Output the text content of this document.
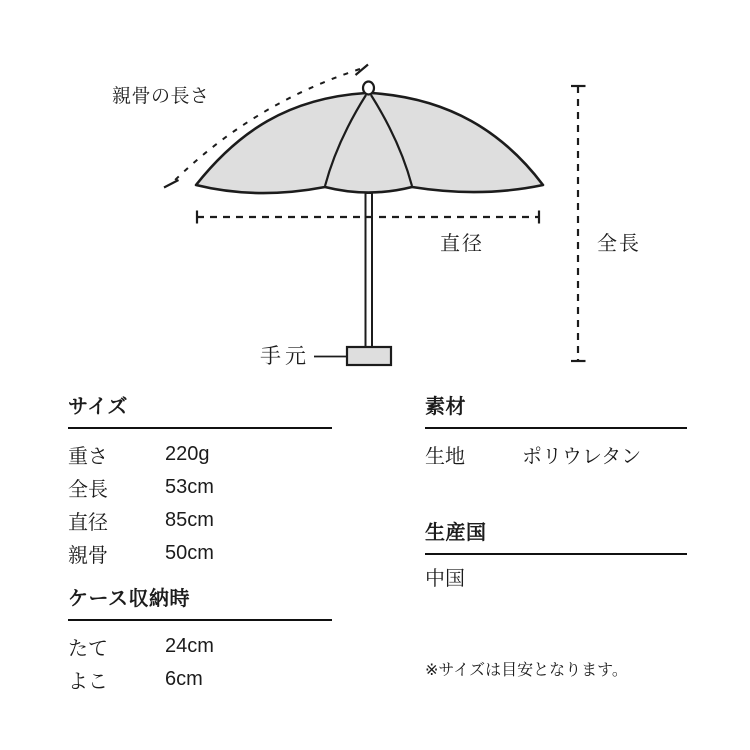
親骨の長さ
直径	全長
手元
サイズ
重さ	220g
全長	53cm
直径	85cm
親骨	50cm
ケース収納時
たて	24cm
よこ	6cm
素材
生地	ポリウレタン
生産国
中国
※サイズは目安となります。
